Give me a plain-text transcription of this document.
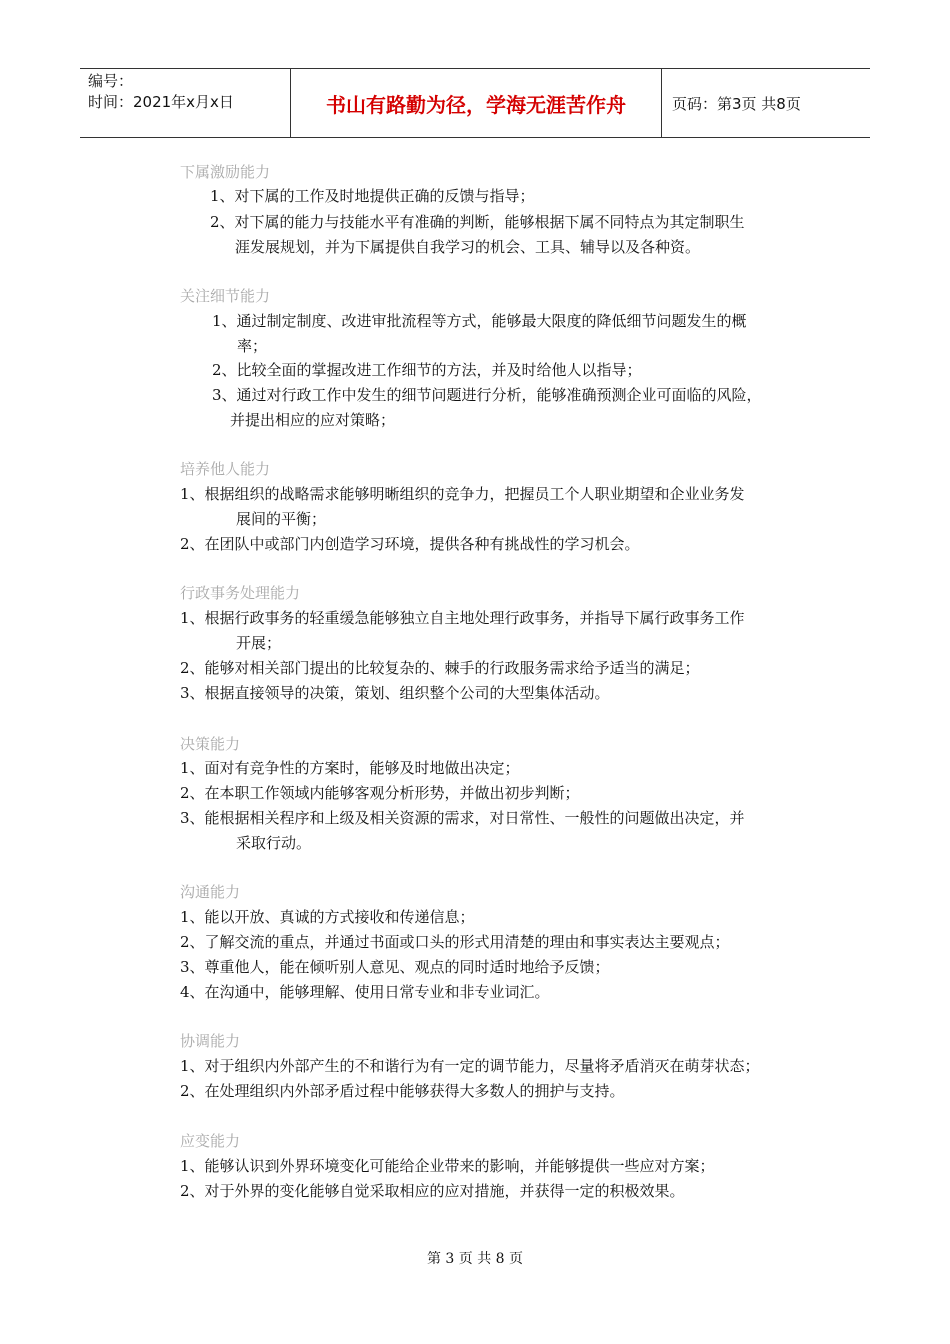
编号：
时间：2021年x月x日	书山有路勤为径，学海无涯苦作舟	页码：第3页 共8页
下属激励能力
1、对下属的工作及时地提供正确的反馈与指导；
2、对下属的能力与技能水平有准确的判断，能够根据下属不同特点为其定制职生
涯发展规划，并为下属提供自我学习的机会、工具、辅导以及各种资。
关注细节能力
1、通过制定制度、改进审批流程等方式，能够最大限度的降低细节问题发生的概
率；
2、比较全面的掌握改进工作细节的方法，并及时给他人以指导；
3、通过对行政工作中发生的细节问题进行分析，能够准确预测企业可面临的风险，
并提出相应的应对策略；
培养他人能力
1、根据组织的战略需求能够明晰组织的竞争力，把握员工个人职业期望和企业业务发
展间的平衡；
2、在团队中或部门内创造学习环境，提供各种有挑战性的学习机会。
行政事务处理能力
1、根据行政事务的轻重缓急能够独立自主地处理行政事务，并指导下属行政事务工作
开展；
2、能够对相关部门提出的比较复杂的、棘手的行政服务需求给予适当的满足；
3、根据直接领导的决策，策划、组织整个公司的大型集体活动。
决策能力
1、面对有竞争性的方案时，能够及时地做出决定；
2、在本职工作领域内能够客观分析形势，并做出初步判断；
3、能根据相关程序和上级及相关资源的需求，对日常性、一般性的问题做出决定，并
采取行动。
沟通能力
1、能以开放、真诚的方式接收和传递信息；
2、了解交流的重点，并通过书面或口头的形式用清楚的理由和事实表达主要观点；
3、尊重他人，能在倾听别人意见、观点的同时适时地给予反馈；
4、在沟通中，能够理解、使用日常专业和非专业词汇。
协调能力
1、对于组织内外部产生的不和谐行为有一定的调节能力，尽量将矛盾消灭在萌芽状态；
2、在处理组织内外部矛盾过程中能够获得大多数人的拥护与支持。
应变能力
1、能够认识到外界环境变化可能给企业带来的影响，并能够提供一些应对方案；
2、对于外界的变化能够自觉采取相应的应对措施，并获得一定的积极效果。
第 3 页 共 8 页
